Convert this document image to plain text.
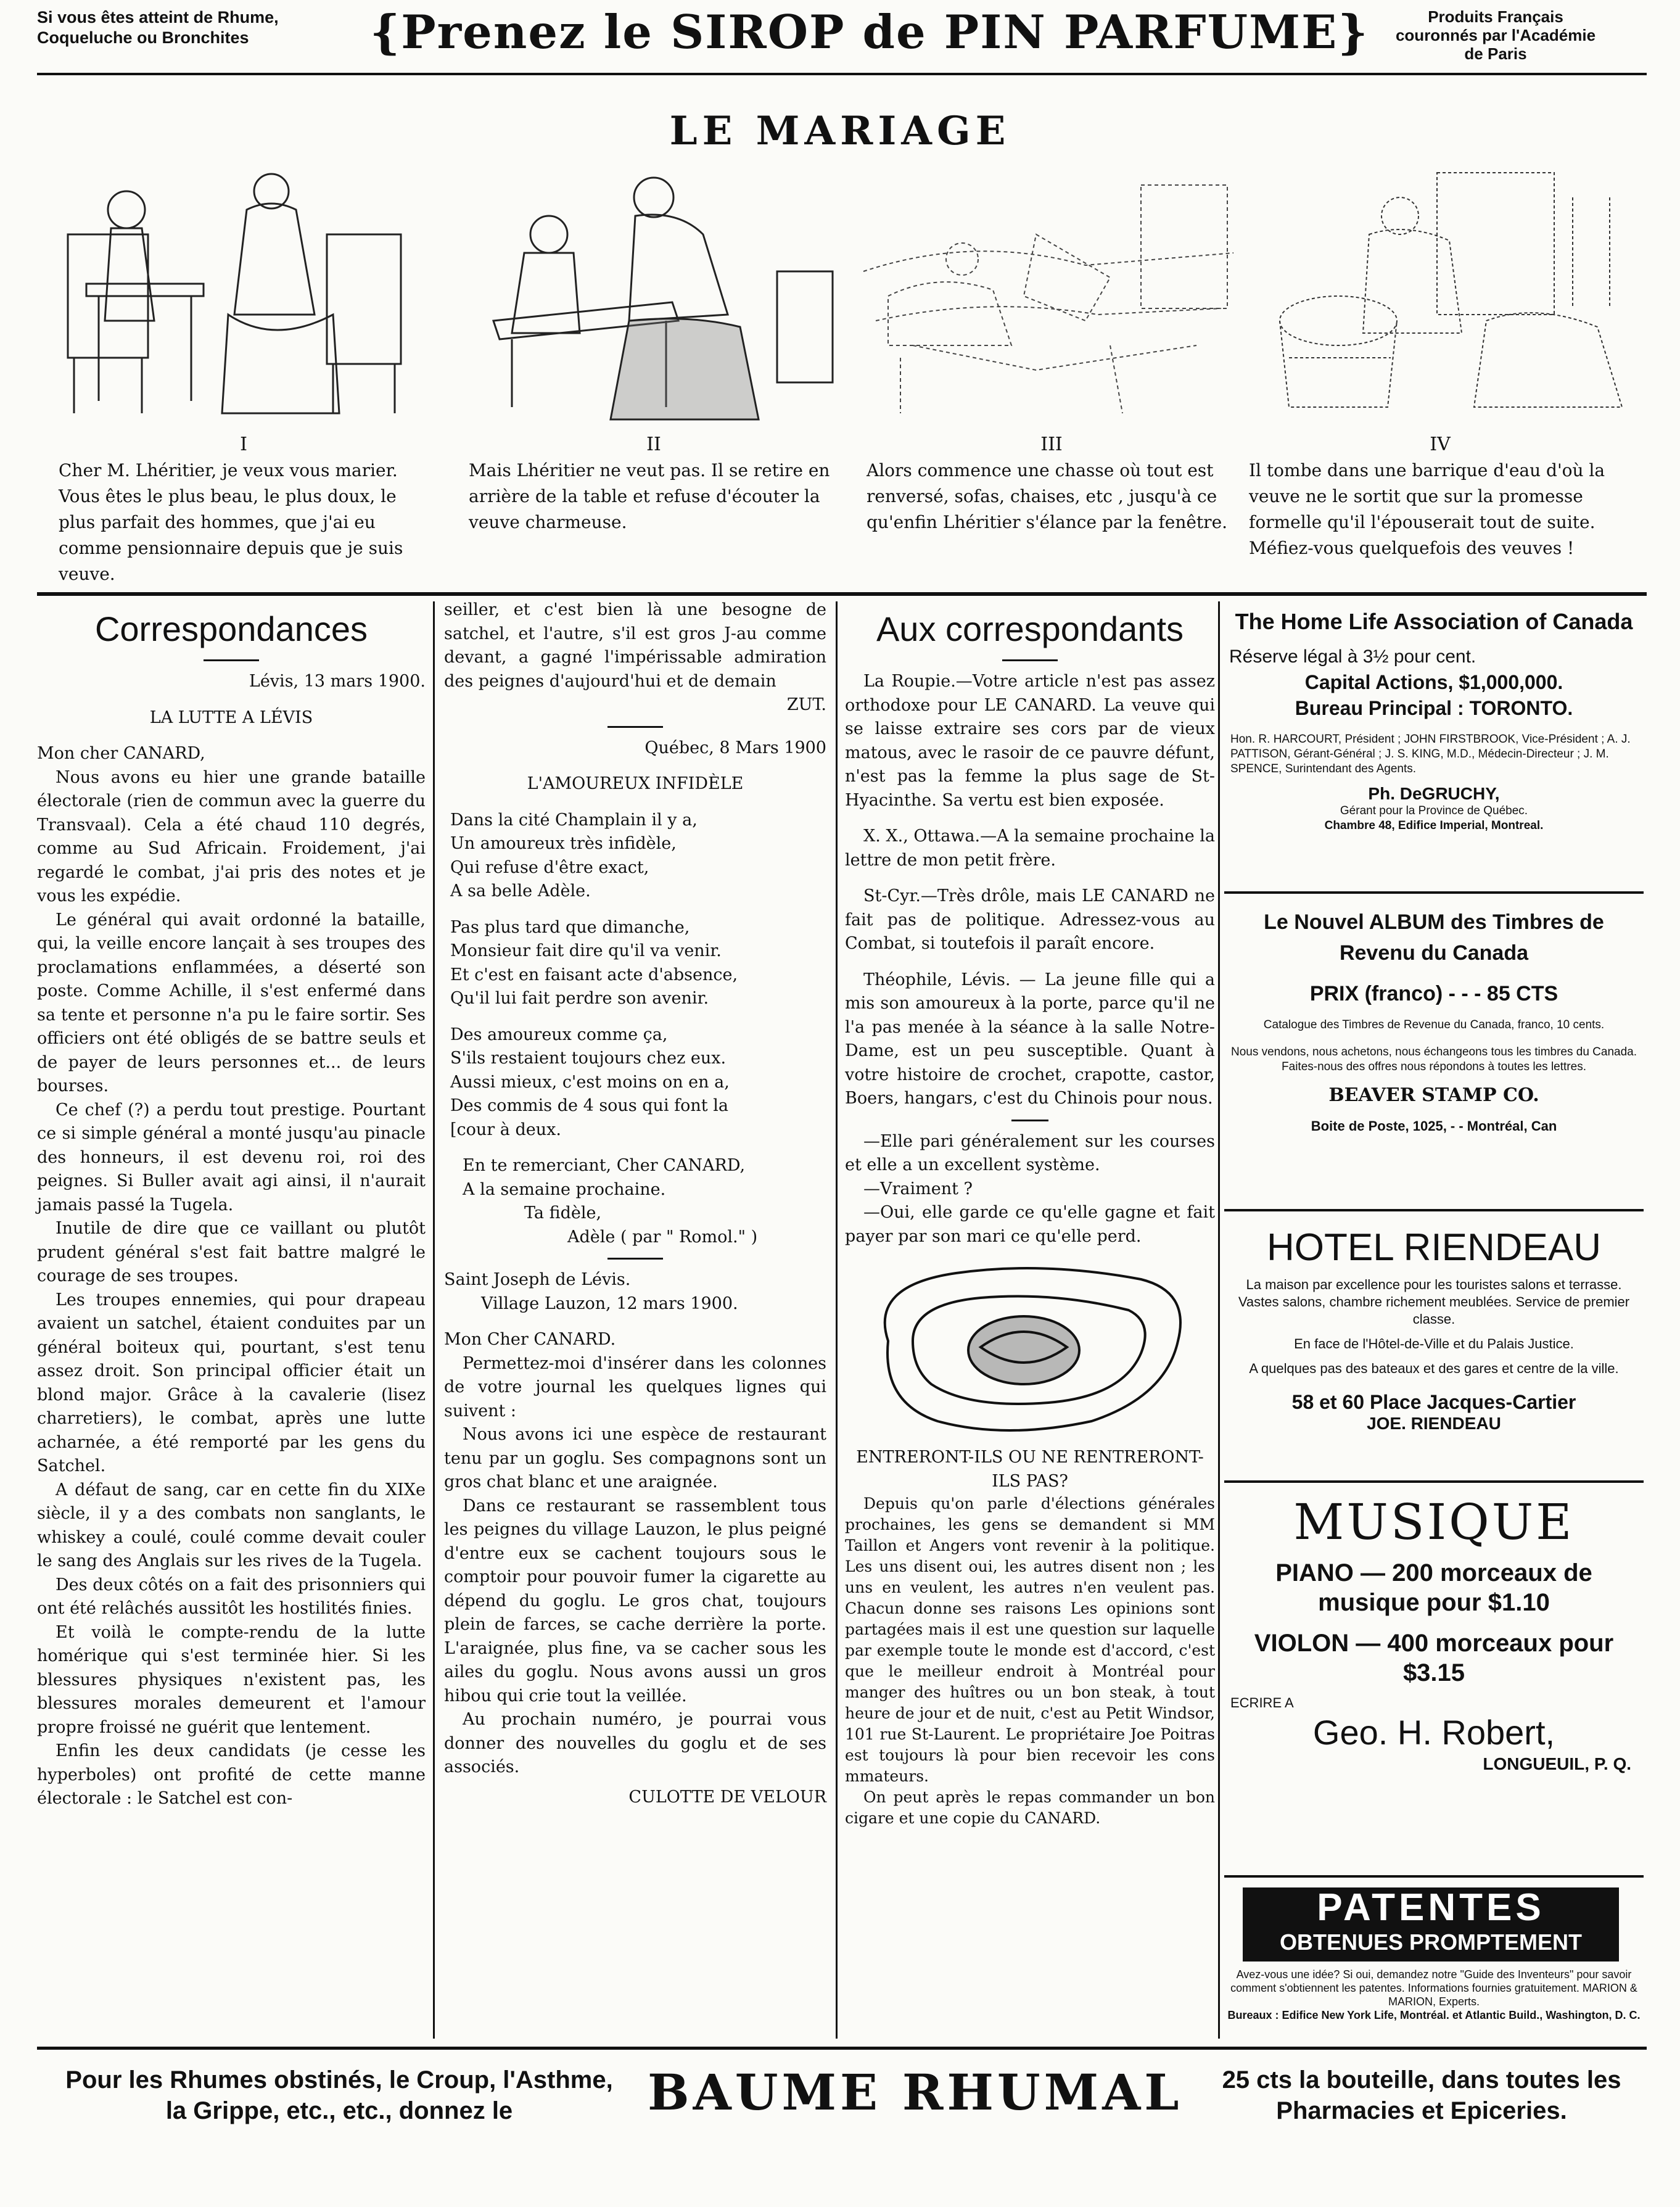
Si vous êtes atteint de Rhume,
Coqueluche ou Bronchites	{Prenez le SIROP de PIN PARFUME}	Produits Français
couronnés par l'Académie
de Paris
LE MARIAGE
I

Cher M. Lhéritier, je veux vous marier. Vous êtes le plus beau, le plus doux, le plus parfait des hommes, que j'ai eu comme pensionnaire depuis que je suis veuve.

II

Mais Lhéritier ne veut pas. Il se retire en arrière de la table et refuse d'écouter la veuve charmeuse.

III

Alors commence une chasse où tout est renversé, sofas, chaises, etc , jusqu'à ce qu'enfin Lhéritier s'élance par la fenêtre.

IV

Il tombe dans une barrique d'eau d'où la veuve ne le sortit que sur la promesse formelle qu'il l'épouserait tout de suite. Méfiez-vous quelquefois des veuves !

Correspondances

Lévis, 13 mars 1900.

LA LUTTE A LÉVIS

Mon cher CANARD,

Nous avons eu hier une grande bataille électorale (rien de commun avec la guerre du Transvaal). Cela a été chaud 110 degrés, comme au Sud Africain. Froidement, j'ai regardé le combat, j'ai pris des notes et je vous les expédie.

Le général qui avait ordonné la bataille, qui, la veille encore lançait à ses troupes des proclamations enflammées, a déserté son poste. Comme Achille, il s'est enfermé dans sa tente et personne n'a pu le faire sortir. Ses officiers ont été obligés de se battre seuls et de payer de leurs personnes et... de leurs bourses.

Ce chef (?) a perdu tout prestige. Pourtant ce si simple général a monté jusqu'au pinacle des honneurs, il est devenu roi, roi des peignes. Si Buller avait agi ainsi, il n'aurait jamais passé la Tugela.

Inutile de dire que ce vaillant ou plutôt prudent général s'est fait battre malgré le courage de ses troupes.

Les troupes ennemies, qui pour drapeau avaient un satchel, étaient conduites par un général boiteux qui, pourtant, s'est tenu assez droit. Son principal officier était un blond major. Grâce à la cavalerie (lisez charretiers), le combat, après une lutte acharnée, a été remporté par les gens du Satchel.

A défaut de sang, car en cette fin du XIXe siècle, il y a des combats non sanglants, le whiskey a coulé, coulé comme devait couler le sang des Anglais sur les rives de la Tugela.

Des deux côtés on a fait des prisonniers qui ont été relâchés aussitôt les hostilités finies.

Et voilà le compte-rendu de la lutte homérique qui s'est terminée hier. Si les blessures physiques n'existent pas, les blessures morales demeurent et l'amour propre froissé ne guérit que lentement.

Enfin les deux candidats (je cesse les hyperboles) ont profité de cette manne électorale : le Satchel est con-

seiller, et c'est bien là une besogne de satchel, et l'autre, s'il est gros J-au comme devant, a gagné l'impérissable admiration des peignes d'aujourd'hui et de demain

ZUT.

Québec, 8 Mars 1900

L'AMOUREUX INFIDÈLE

Dans la cité Champlain il y a,

Un amoureux très infidèle,

Qui refuse d'être exact,

A sa belle Adèle.

Pas plus tard que dimanche,

Monsieur fait dire qu'il va venir.

Et c'est en faisant acte d'absence,

Qu'il lui fait perdre son avenir.

Des amoureux comme ça,

S'ils restaient toujours chez eux.

Aussi mieux, c'est moins on en a,

Des commis de 4 sous qui font la

[cour à deux.

En te remerciant, Cher CANARD,

A la semaine prochaine.

Ta fidèle,

Adèle ( par " Romol." )

Saint Joseph de Lévis.

Village Lauzon, 12 mars 1900.

Mon Cher CANARD.

Permettez-moi d'insérer dans les colonnes de votre journal les quelques lignes qui suivent :

Nous avons ici une espèce de restaurant tenu par un goglu. Ses compagnons sont un gros chat blanc et une araignée.

Dans ce restaurant se rassemblent tous les peignes du village Lauzon, le plus peigné d'entre eux se cachent toujours sous le comptoir pour pouvoir fumer la cigarette au dépend du goglu. Le gros chat, toujours plein de farces, se cache derrière la porte. L'araignée, plus fine, va se cacher sous les ailes du goglu. Nous avons aussi un gros hibou qui crie tout la veillée.

Au prochain numéro, je pourrai vous donner des nouvelles du goglu et de ses associés.

CULOTTE DE VELOUR

Aux correspondants

La Roupie.—Votre article n'est pas assez orthodoxe pour LE CANARD. La veuve qui se laisse extraire ses cors par de vieux matous, avec le rasoir de ce pauvre défunt, n'est pas la femme la plus sage de St-Hyacinthe. Sa vertu est bien exposée.

X. X., Ottawa.—A la semaine prochaine la lettre de mon petit frère.

St-Cyr.—Très drôle, mais LE CANARD ne fait pas de politique. Adressez-vous au Combat, si toutefois il paraît encore.

Théophile, Lévis. — La jeune fille qui a mis son amoureux à la porte, parce qu'il ne l'a pas menée à la séance à la salle Notre-Dame, est un peu susceptible. Quant à votre histoire de crochet, crapotte, castor, Boers, hangars, c'est du Chinois pour nous.

—Elle pari généralement sur les courses et elle a un excellent système.

—Vraiment ?

—Oui, elle garde ce qu'elle gagne et fait payer par son mari ce qu'elle perd.

ENTRERONT-ILS OU NE RENTRERONT-ILS PAS?

Depuis qu'on parle d'élections générales prochaines, les gens se demandent si MM Taillon et Angers vont revenir à la politique. Les uns disent oui, les autres disent non ; les uns en veulent, les autres n'en veulent pas. Chacun donne ses raisons Les opinions sont partagées mais il est une question sur laquelle par exemple toute le monde est d'accord, c'est que le meilleur endroit à Montréal pour manger des huîtres ou un bon steak, à tout heure de jour et de nuit, c'est au Petit Windsor, 101 rue St-Laurent. Le propriétaire Joe Poitras est toujours là pour bien recevoir les cons mmateurs.

On peut après le repas commander un bon cigare et une copie du CANARD.

The Home Life Association of Canada
Réserve légal à 3½ pour cent.
Capital Actions, $1,000,000.
Bureau Principal : TORONTO.
Hon. R. HARCOURT, Président ; JOHN FIRSTBROOK, Vice-Président ; A. J. PATTISON, Gérant-Général ; J. S. KING, M.D., Médecin-Directeur ; J. M. SPENCE, Surintendant des Agents.
Ph. DeGRUCHY,
Gérant pour la Province de Québec.
Chambre 48, Edifice Imperial, Montreal.
Le Nouvel ALBUM des Timbres de
Revenu du Canada
PRIX (franco) - - - 85 CTS
Catalogue des Timbres de Revenue du Canada, franco, 10 cents.
Nous vendons, nous achetons, nous échangeons tous les timbres du Canada. Faites-nous des offres nous répondons à toutes les lettres.
BEAVER STAMP CO.
Boite de Poste, 1025, - - Montréal, Can
HOTEL RIENDEAU
La maison par excellence pour les touristes salons et terrasse. Vastes salons, chambre richement meublées. Service de premier classe.
En face de l'Hôtel-de-Ville et du Palais Justice.
A quelques pas des bateaux et des gares et centre de la ville.
58 et 60 Place Jacques-Cartier
JOE. RIENDEAU
MUSIQUE
PIANO — 200 morceaux de musique pour $1.10
VIOLON — 400 morceaux pour $3.15
ECRIRE A
Geo. H. Robert,
LONGUEUIL, P. Q.
PATENTES
OBTENUES PROMPTEMENT
Avez-vous une idée? Si oui, demandez notre "Guide des Inventeurs" pour savoir comment s'obtiennent les patentes. Informations fournies gratuitement. MARION & MARION, Experts.
Bureaux : Edifice New York Life, Montréal. et Atlantic Build., Washington, D. C.
Pour les Rhumes obstinés, le Croup, l'Asthme,
la Grippe, etc., etc., donnez le	BAUME RHUMAL	25 cts la bouteille, dans toutes les
Pharmacies et Epiceries.
